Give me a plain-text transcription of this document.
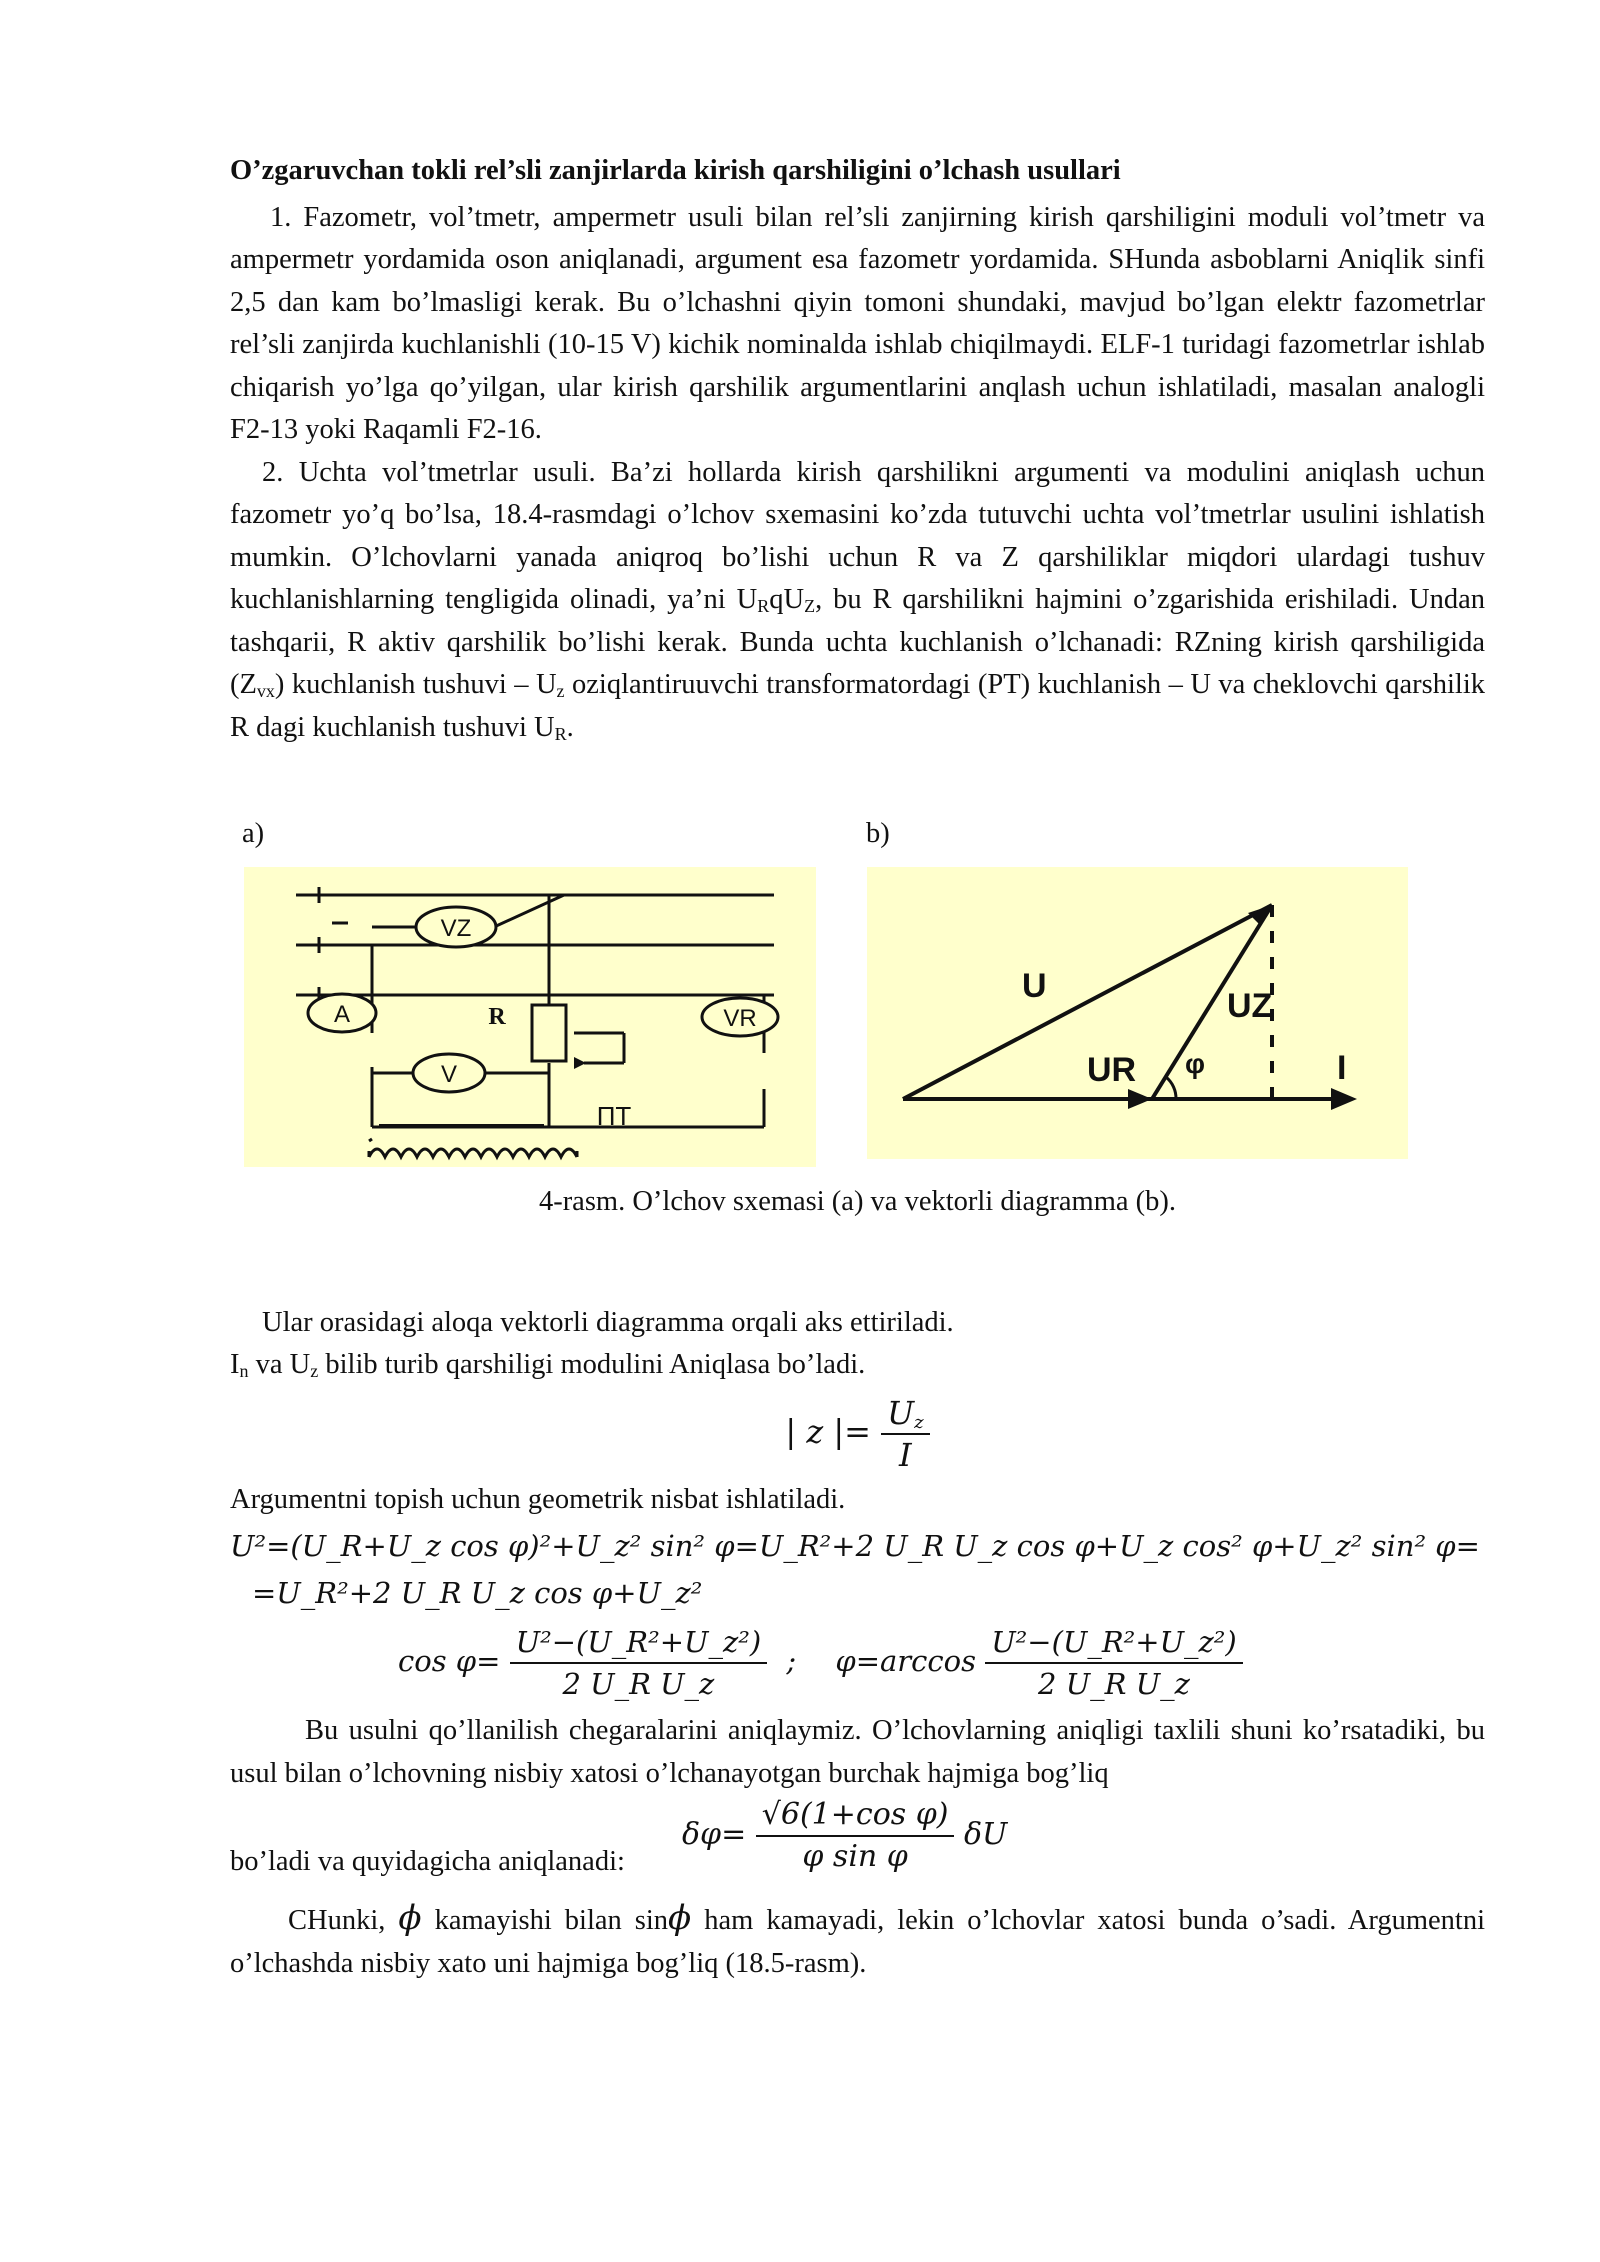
O’zgaruvchan tokli rel’sli zanjirlarda kirish qarshiligini o’lchash usullari

1. Fazometr, vol’tmetr, ampermetr usuli bilan rel’sli zanjirning kirish qarshiligini moduli vol’tmetr va ampermetr yordamida oson aniqlanadi, argument esa fazometr yordamida. SHunda asboblarni Aniqlik sinfi 2,5 dan kam bo’lmasligi kerak. Bu o’lchashni qiyin tomoni shundaki, mavjud bo’lgan elektr fazometrlar rel’sli zanjirda kuchlanishli (10-15 V) kichik nominalda ishlab chiqilmaydi. ELF-1 turidagi fazometrlar ishlab chiqarish yo’lga qo’yilgan, ular kirish qarshilik argumentlarini anqlash uchun ishlatiladi, masalan analogli F2-13 yoki Raqamli F2-16.

2. Uchta vol’tmetrlar usuli. Ba’zi hollarda kirish qarshilikni argumenti va modulini aniqlash uchun fazometr yo’q bo’lsa, 18.4-rasmdagi o’lchov sxemasini ko’zda tutuvchi uchta vol’tmetrlar usulini ishlatish mumkin. O’lchovlarni yanada aniqroq bo’lishi uchun R va Z qarshiliklar miqdori ulardagi tushuv kuchlanishlarning tengligida olinadi, ya’ni $U_RqU_Z$, bu R qarshilikni hajmini o’zgarishida erishiladi. Undan tashqarii, R aktiv qarshilik bo’lishi kerak. Bunda uchta kuchlanish o’lchanadi: RZning kirish qarshiligida $(Z_{vx})$ kuchlanish tushuvi – $U_z$ oziqlantiruuvchi transformatordagi (PT) kuchlanish – U va cheklovchi qarshilik R dagi kuchlanish tushuvi $U_R$.

a)	b)
VZ
A	R	VR
V
ПТ
U
UZ
UR φ	I

4-rasm. O’lchov sxemasi (a) va vektorli diagramma (b).

Ular orasidagi aloqa vektorli diagramma orqali aks ettiriladi.

$I_n$ va $U_z$ bilib turib qarshiligi modulini Aniqlasa bo’ladi.

| z |= $\frac{U_z}{I}$

Argumentni topish uchun geometrik nisbat ishlatiladi.

U²=(U_R+U_z cos φ)²+U_z² sin² φ=U_R²+2 U_R U_z cos φ+U_z cos² φ+U_z² sin² φ=

=U_R²+2 U_R U_z cos φ+U_z²

$\cos \varphi= \frac{\text{U²−(U\_R²+U\_z²)}}{\text{2 U\_R U\_z}}$ ; $\varphi=\arccos \frac{\text{U²−(U\_R²+U\_z²)}}{\text{2 U\_R U\_z}}$

Bu usulni qo’llanilish chegaralarini aniqlaymiz. O’lchovlarning aniqligi taxlili shuni ko’rsatadiki, bu usul bilan o’lchovning nisbiy xatosi o’lchanayotgan burchak hajmiga bog’liq

bo’ladi va quyidagicha aniqlanadi:
$\delta\varphi= \frac{\text{√6(1+cos φ)}}{\text{φ sin φ}}$ δU

CHunki, ϕ kamayishi bilan sinϕ ham kamayadi, lekin o’lchovlar xatosi bunda o’sadi. Argumentni o’lchashda nisbiy xato uni hajmiga bog’liq (18.5-rasm).
